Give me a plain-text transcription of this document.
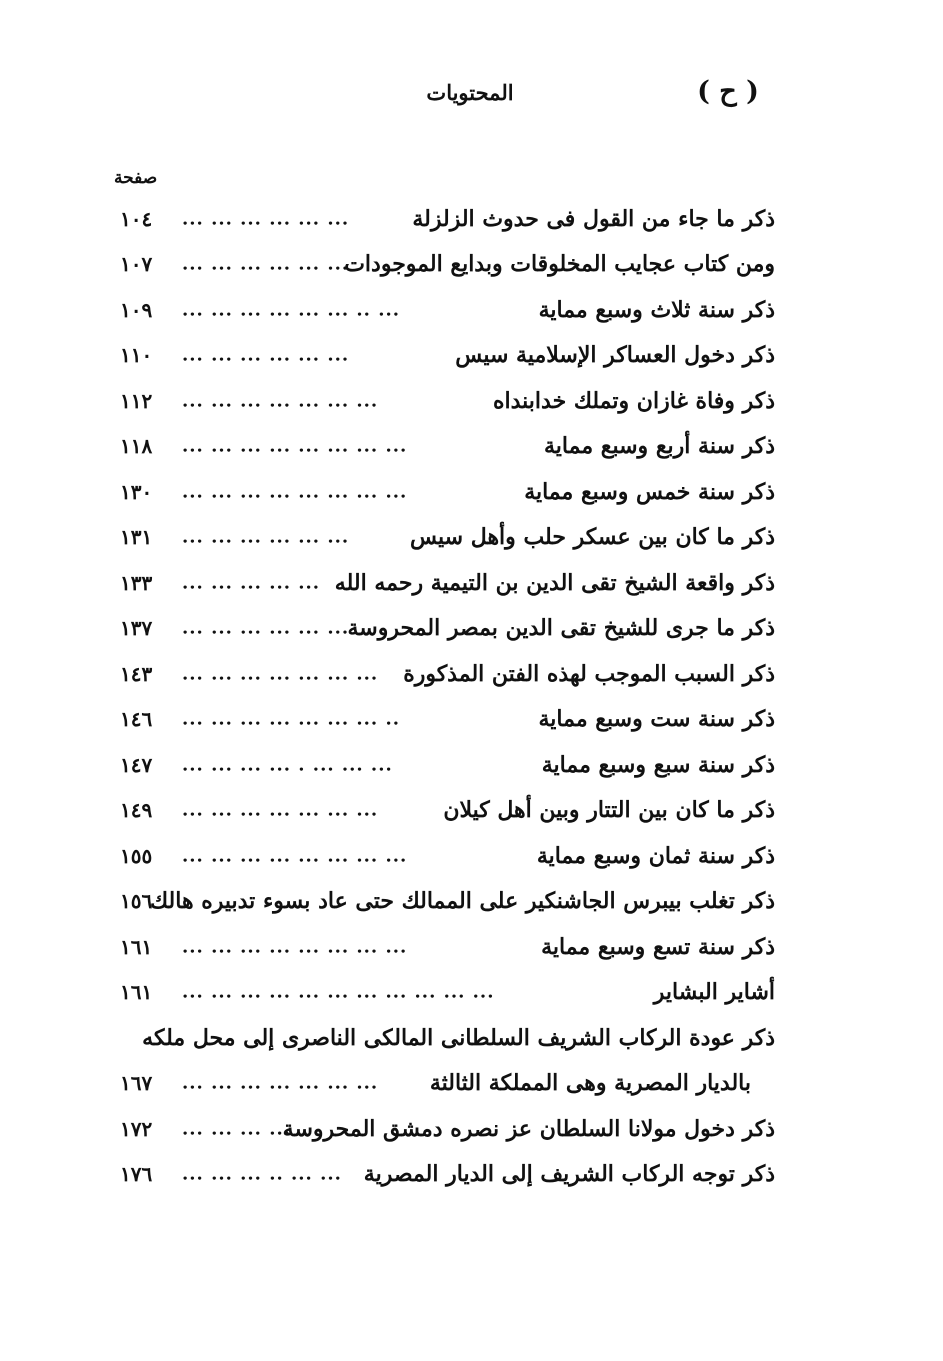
المحتويات	( ح )
صفحة
ذكر ما جاء من القول فى حدوث الزلزلة
... ... ... ... ... ...
١٠٤
ومن كتاب عجايب المخلوقات وبدايع الموجودات
... ... ... ... ... ...
١٠٧
ذكر سنة ثلاث وسبع مماية
... ... ... ... ... ... .. ...
١٠٩
ذكر دخول العساكر الإسلامية سيس
... ... ... ... ... ...
١١٠
ذكر وفاة غازان وتملك خدابنداه
... ... ... ... ... ... ...
١١٢
ذكر سنة أربع وسبع مماية
... ... ... ... ... ... ... ...
١١٨
ذكر سنة خمس وسبع مماية
... ... ... ... ... ... ... ...
١٣٠
ذكر ما كان بين عسكر حلب وأهل سيس
... ... ... ... ... ...
١٣١
ذكر واقعة الشيخ تقى الدين بن التيمية رحمه الله
... ... ... ... ...
١٣٣
ذكر ما جرى للشيخ تقى الدين بمصر المحروسة
... ... ... ... ... ...
١٣٧
ذكر السبب الموجب لهذه الفتن المذكورة
... ... ... ... ... ... ...
١٤٣
ذكر سنة ست وسبع مماية
... ... ... ... ... ... ... ..
١٤٦
ذكر سنة سبع وسبع مماية
... ... ... ... . ... ... ...
١٤٧
ذكر ما كان بين التتار وبين أهل كيلان
... ... ... ... ... ... ...
١٤٩
ذكر سنة ثمان وسبع مماية
... ... ... ... ... ... ... ...
١٥٥
ذكر تغلب بيبرس الجاشنكير على الممالك حتى عاد بسوء تدبيره هالك
١٥٦
ذكر سنة تسع وسبع مماية
... ... ... ... ... ... ... ...
١٦١
أشاير البشاير
... ... ... ... ... ... ... ... ... ... ...
١٦١
ذكر عودة الركاب الشريف السلطانى المالكى الناصرى إلى محل ملكه
بالديار المصرية وهى المملكة الثالثة
... ... ... ... ... ... ...
١٦٧
ذكر دخول مولانا السلطان عز نصره دمشق المحروسة
... ... ... ...
١٧٢
ذكر توجه الركاب الشريف إلى الديار المصرية
... ... ... .. ... ...
١٧٦
